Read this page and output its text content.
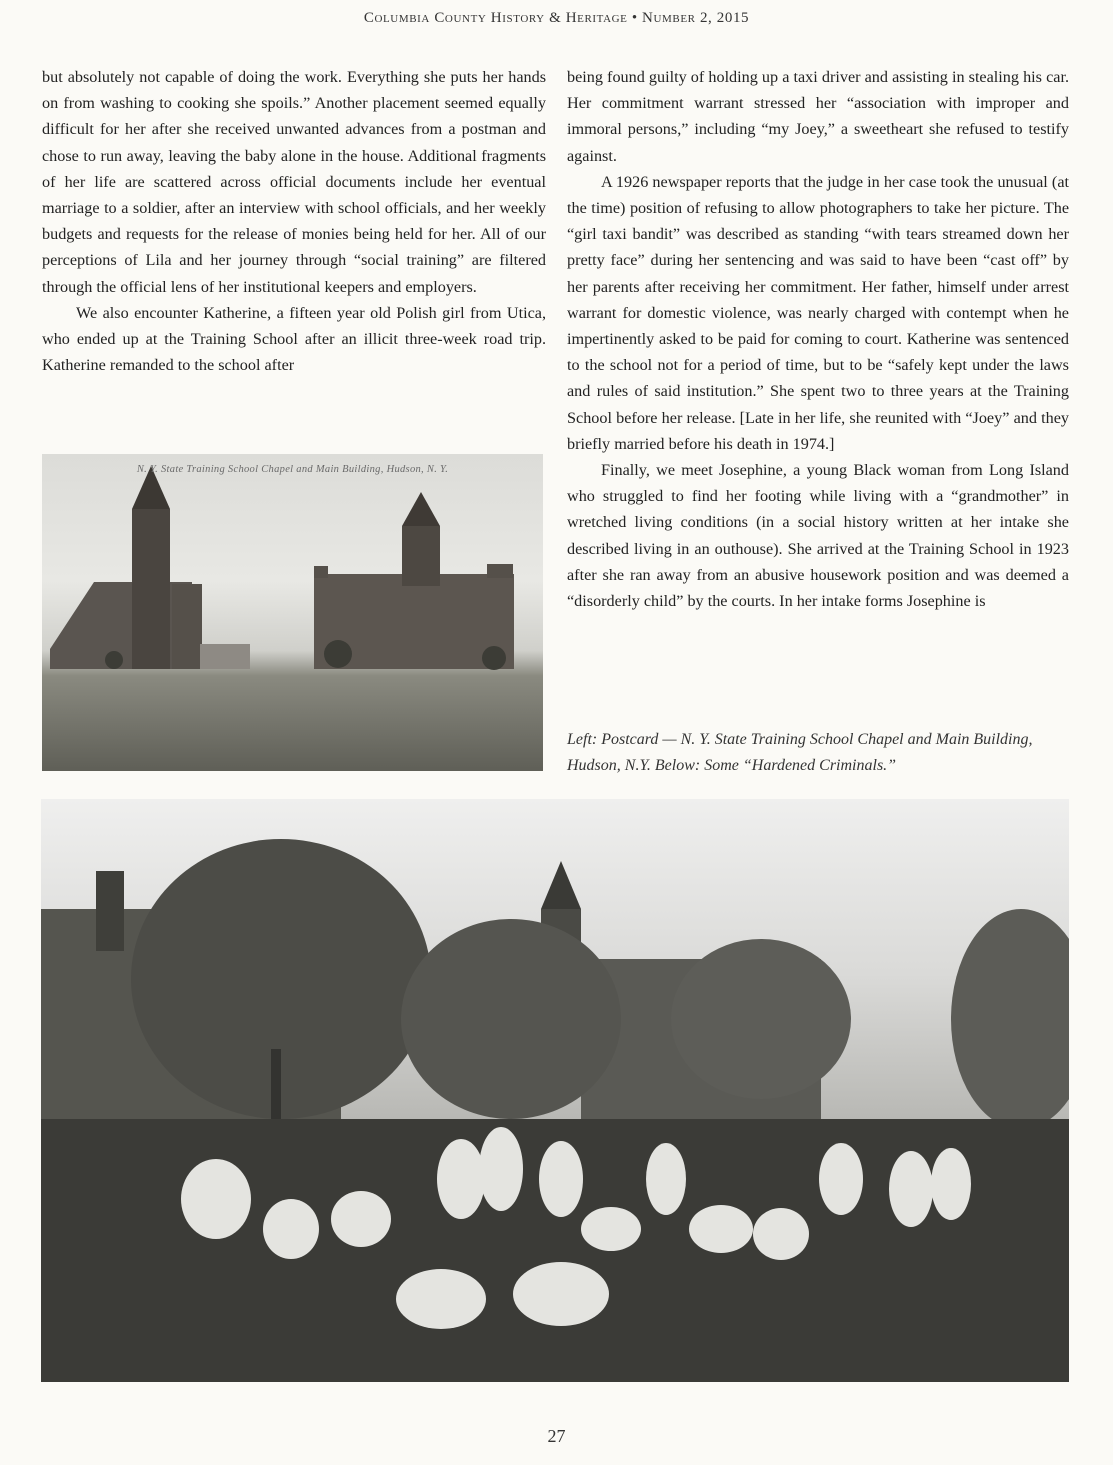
Columbia County History & Heritage • Number 2, 2015

but absolutely not capable of doing the work. Everything she puts her hands on from washing to cooking she spoils.” Another placement seemed equally difficult for her after she received unwanted advances from a postman and chose to run away, leaving the baby alone in the house. Additional fragments of her life are scattered across official documents include her eventual marriage to a soldier, after an interview with school officials, and her weekly budgets and requests for the release of monies being held for her. All of our perceptions of Lila and her journey through “social training” are filtered through the official lens of her institutional keepers and employers.

We also encounter Katherine, a fifteen year old Polish girl from Utica, who ended up at the Training School after an illicit three-week road trip. Katherine remanded to the school after

being found guilty of holding up a taxi driver and assisting in stealing his car. Her commitment warrant stressed her “association with improper and immoral persons,” including “my Joey,” a sweetheart she refused to testify against.

A 1926 newspaper reports that the judge in her case took the unusual (at the time) position of refusing to allow photographers to take her picture. The “girl taxi bandit” was described as standing “with tears streamed down her pretty face” during her sentencing and was said to have been “cast off” by her parents after receiving her commitment. Her father, himself under arrest warrant for domestic violence, was nearly charged with contempt when he impertinently asked to be paid for coming to court. Katherine was sentenced to the school not for a period of time, but to be “safely kept under the laws and rules of said institution.” She spent two to three years at the Training School before her release. [Late in her life, she reunited with “Joey” and they briefly married before his death in 1974.]

Finally, we meet Josephine, a young Black woman from Long Island who struggled to find her footing while living with a “grandmother” in wretched living conditions (in a social history written at her intake she described living in an outhouse). She arrived at the Training School in 1923 after she ran away from an abusive housework position and was deemed a “disorderly child” by the courts. In her intake forms Josephine is

N. Y. State Training School Chapel and Main Building, Hudson, N. Y.
Left: Postcard — N. Y. State Training School Chapel and Main Building, Hudson, N.Y. Below: Some “Hardened Criminals.”
27
